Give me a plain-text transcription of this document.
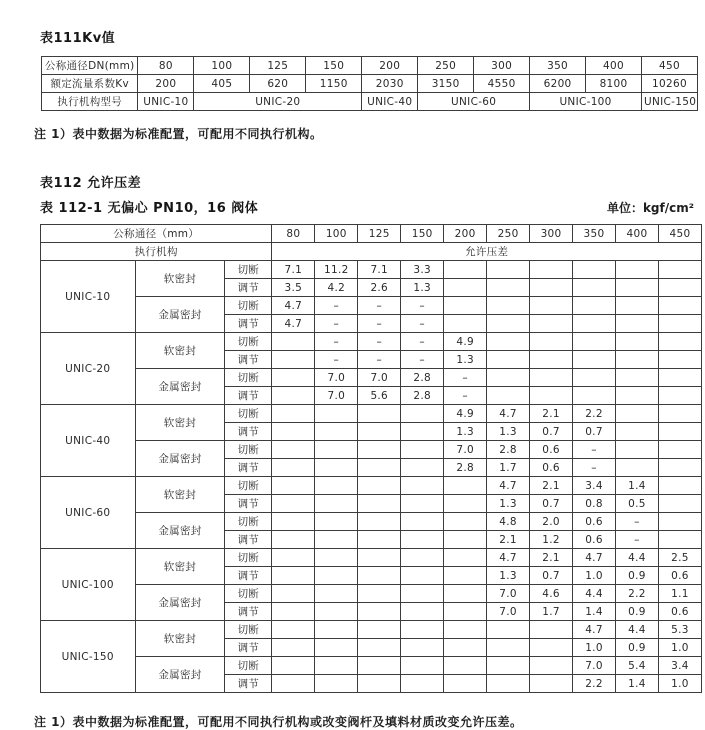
表111Kv值
公称通径DN(mm)	80	100	125	150	200	250	300	350	400	450
额定流量系数Kv	200	405	620	1150	2030	3150	4550	6200	8100	10260
执行机构型号	UNIC-10	UNIC-20			UNIC-40	UNIC-60		UNIC-100		UNIC-150
注 1）表中数据为标准配置，可配用不同执行机构。
表112 允许压差
表 112-1 无偏心 PN10，16 阀体	单位：kgf/cm²
公称通径（mm）			80	100	125	150	200	250	300	350	400	450
执行机构			允许压差									
UNIC-10	软密封	切断	7.1	11.2	7.1	3.3						
		调节	3.5	4.2	2.6	1.3						
	金属密封	切断	4.7	–	–	–						
		调节	4.7	–	–	–						
UNIC-20	软密封	切断		–	–	–	4.9					
		调节		–	–	–	1.3					
	金属密封	切断		7.0	7.0	2.8	–					
		调节		7.0	5.6	2.8	–					
UNIC-40	软密封	切断					4.9	4.7	2.1	2.2		
		调节					1.3	1.3	0.7	0.7		
	金属密封	切断					7.0	2.8	0.6	–		
		调节					2.8	1.7	0.6	–		
UNIC-60	软密封	切断						4.7	2.1	3.4	1.4	
		调节						1.3	0.7	0.8	0.5	
	金属密封	切断						4.8	2.0	0.6	–	
		调节						2.1	1.2	0.6	–	
UNIC-100	软密封	切断						4.7	2.1	4.7	4.4	2.5
		调节						1.3	0.7	1.0	0.9	0.6
	金属密封	切断						7.0	4.6	4.4	2.2	1.1
		调节						7.0	1.7	1.4	0.9	0.6
UNIC-150	软密封	切断								4.7	4.4	5.3
		调节								1.0	0.9	1.0
	金属密封	切断								7.0	5.4	3.4
		调节								2.2	1.4	1.0
注 1）表中数据为标准配置，可配用不同执行机构或改变阀杆及填料材质改变允许压差。
